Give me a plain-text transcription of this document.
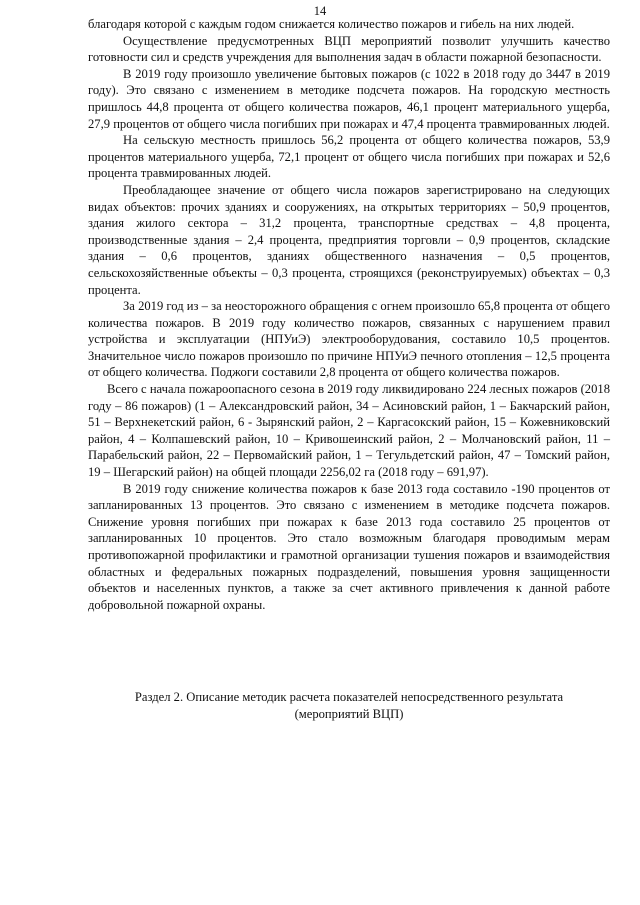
14

благодаря которой с каждым годом снижается количество пожаров и гибель на них людей.

Осуществление предусмотренных ВЦП мероприятий позволит улучшить качество готовности сил и средств учреждения для выполнения задач в области пожарной безопасности.

В 2019 году произошло увеличение бытовых пожаров (с 1022 в 2018 году до 3447 в 2019 году). Это связано с изменением в методике подсчета пожаров. На городскую местность пришлось 44,8 процента от общего количества пожаров, 46,1 процент материального ущерба, 27,9 процентов от общего числа погибших при пожарах и 47,4 процента травмированных людей.

На сельскую местность пришлось 56,2 процента от общего количества пожаров, 53,9 процентов материального ущерба, 72,1 процент от общего числа погибших при пожарах и 52,6 процента травмированных людей.

Преобладающее значение от общего числа пожаров зарегистрировано на следующих видах объектов: прочих зданиях и сооружениях, на открытых территориях – 50,9 процентов, здания жилого сектора – 31,2 процента, транспортные средствах – 4,8 процента, производственные здания – 2,4 процента, предприятия торговли – 0,9 процентов, складские здания – 0,6 процентов, зданиях общественного назначения – 0,5 процентов, сельскохозяйственные объекты – 0,3 процента, строящихся (реконструируемых) объектах – 0,3 процента.

За 2019 год из – за неосторожного обращения с огнем произошло 65,8 процента от общего количества пожаров. В 2019 году количество пожаров, связанных с нарушением правил устройства и эксплуатации (НПУиЭ) электрооборудования, составило 10,5 процентов. Значительное число пожаров произошло по причине НПУиЭ печного отопления – 12,5 процента от общего количества. Поджоги составили 2,8 процента от общего количества пожаров.

Всего с начала пожароопасного сезона в 2019 году ликвидировано 224 лесных пожаров (2018 году – 86 пожаров) (1 – Александровский район, 34 – Асиновский район, 1 – Бакчарский район, 51 – Верхнекетский район, 6 - Зырянский район, 2 – Каргасокский район, 15 – Кожевниковский район, 4 – Колпашевский район, 10 – Кривошеинский район, 2 – Молчановский район, 11 – Парабельский район, 22 – Первомайский район, 1 – Тегульдетский район, 47 – Томский район, 19 – Шегарский район) на общей площади 2256,02 га (2018 году – 691,97).

В 2019 году снижение количества пожаров к базе 2013 года составило -190 процентов от запланированных 13 процентов. Это связано с изменением в методике подсчета пожаров. Снижение уровня погибших при пожарах к базе 2013 года составило 25 процентов от запланированных 10 процентов. Это стало возможным благодаря проводимым мерам противопожарной профилактики и грамотной организации тушения пожаров и взаимодействия областных и федеральных пожарных подразделений, повышения уровня защищенности объектов и населенных пунктов, а также за счет активного привлечения к данной работе добровольной пожарной охраны.

Раздел 2. Описание методик расчета показателей непосредственного результата
(мероприятий ВЦП)
